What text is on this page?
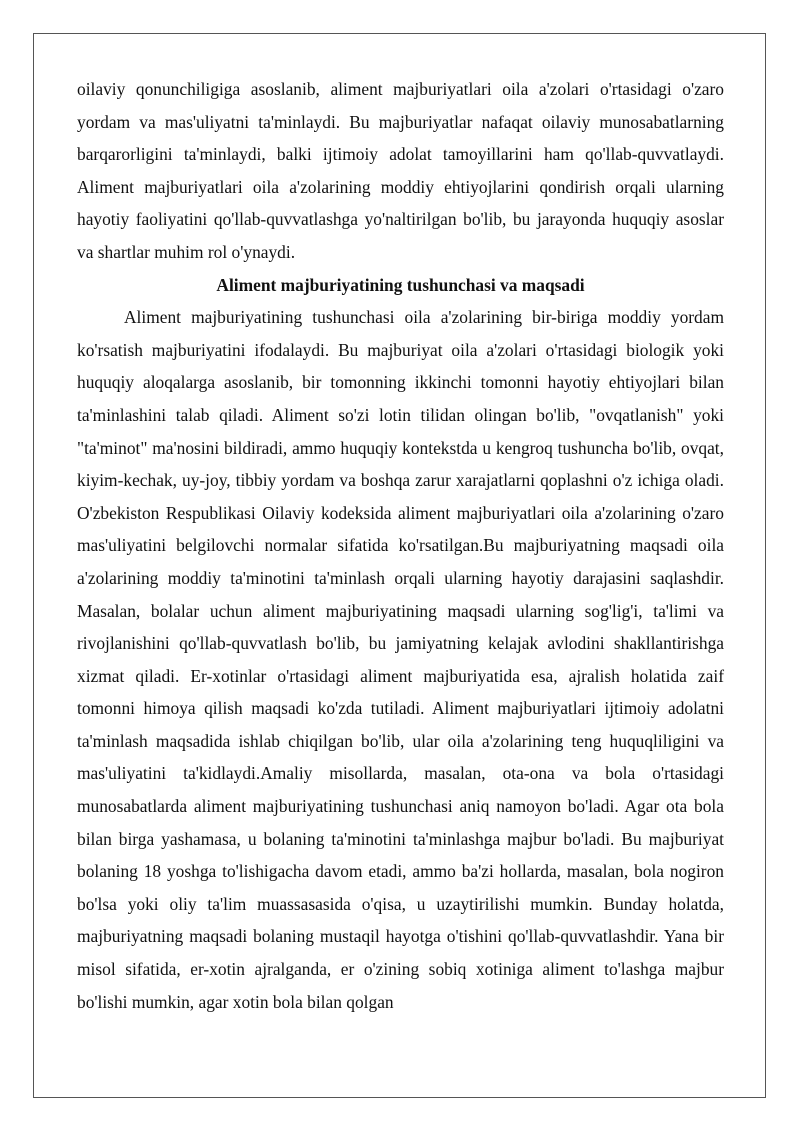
oilaviy qonunchiligiga asoslanib, aliment majburiyatlari oila a'zolari o'rtasidagi o'zaro yordam va mas'uliyatni ta'minlaydi. Bu majburiyatlar nafaqat oilaviy munosabatlarning barqarorligini ta'minlaydi, balki ijtimoiy adolat tamoyillarini ham qo'llab-quvvatlaydi. Aliment majburiyatlari oila a'zolarining moddiy ehtiyojlarini qondirish orqali ularning hayotiy faoliyatini qo'llab-quvvatlashga yo'naltirilgan bo'lib, bu jarayonda huquqiy asoslar va shartlar muhim rol o'ynaydi.

Aliment majburiyatining tushunchasi va maqsadi

Aliment majburiyatining tushunchasi oila a'zolarining bir-biriga moddiy yordam ko'rsatish majburiyatini ifodalaydi. Bu majburiyat oila a'zolari o'rtasidagi biologik yoki huquqiy aloqalarga asoslanib, bir tomonning ikkinchi tomonni hayotiy ehtiyojlari bilan ta'minlashini talab qiladi. Aliment so'zi lotin tilidan olingan bo'lib, "ovqatlanish" yoki "ta'minot" ma'nosini bildiradi, ammo huquqiy kontekstda u kengroq tushuncha bo'lib, ovqat, kiyim-kechak, uy-joy, tibbiy yordam va boshqa zarur xarajatlarni qoplashni o'z ichiga oladi. O'zbekiston Respublikasi Oilaviy kodeksida aliment majburiyatlari oila a'zolarining o'zaro mas'uliyatini belgilovchi normalar sifatida ko'rsatilgan.Bu majburiyatning maqsadi oila a'zolarining moddiy ta'minotini ta'minlash orqali ularning hayotiy darajasini saqlashdir. Masalan, bolalar uchun aliment majburiyatining maqsadi ularning sog'lig'i, ta'limi va rivojlanishini qo'llab-quvvatlash bo'lib, bu jamiyatning kelajak avlodini shakllantirishga xizmat qiladi. Er-xotinlar o'rtasidagi aliment majburiyatida esa, ajralish holatida zaif tomonni himoya qilish maqsadi ko'zda tutiladi. Aliment majburiyatlari ijtimoiy adolatni ta'minlash maqsadida ishlab chiqilgan bo'lib, ular oila a'zolarining teng huquqliligini va mas'uliyatini ta'kidlaydi.Amaliy misollarda, masalan, ota-ona va bola o'rtasidagi munosabatlarda aliment majburiyatining tushunchasi aniq namoyon bo'ladi. Agar ota bola bilan birga yashamasa, u bolaning ta'minotini ta'minlashga majbur bo'ladi. Bu majburiyat bolaning 18 yoshga to'lishigacha davom etadi, ammo ba'zi hollarda, masalan, bola nogiron bo'lsa yoki oliy ta'lim muassasasida o'qisa, u uzaytirilishi mumkin. Bunday holatda, majburiyatning maqsadi bolaning mustaqil hayotga o'tishini qo'llab-quvvatlashdir. Yana bir misol sifatida, er-xotin ajralganda, er o'zining sobiq xotiniga aliment to'lashga majbur bo'lishi mumkin, agar xotin bola bilan qolgan
